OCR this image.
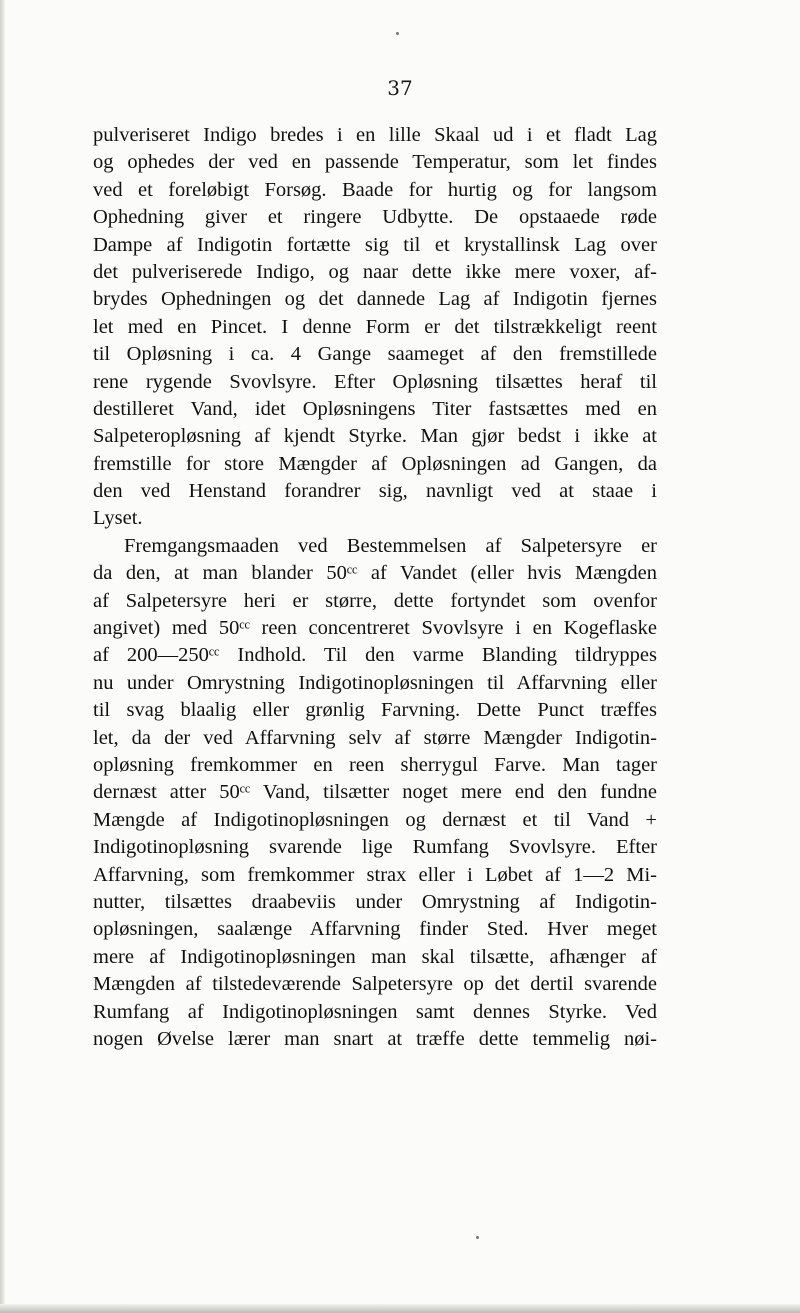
37
pulveriseret Indigo bredes i en lille Skaal ud i et fladt Lag
og ophedes der ved en passende Temperatur, som let findes
ved et foreløbigt Forsøg. Baade for hurtig og for langsom
Ophedning giver et ringere Udbytte. De opstaaede røde
Dampe af Indigotin fortætte sig til et krystallinsk Lag over
det pulveriserede Indigo, og naar dette ikke mere voxer, af-
brydes Ophedningen og det dannede Lag af Indigotin fjernes
let med en Pincet. I denne Form er det tilstrækkeligt reent
til Opløsning i ca. 4 Gange saameget af den fremstillede
rene rygende Svovlsyre. Efter Opløsning tilsættes heraf til
destilleret Vand, idet Opløsningens Titer fastsættes med en
Salpeteropløsning af kjendt Styrke. Man gjør bedst i ikke at
fremstille for store Mængder af Opløsningen ad Gangen, da
den ved Henstand forandrer sig, navnligt ved at staae i
Lyset.
Fremgangsmaaden ved Bestemmelsen af Salpetersyre er
da den, at man blander 50ᶜᶜ af Vandet (eller hvis Mængden
af Salpetersyre heri er større, dette fortyndet som ovenfor
angivet) med 50ᶜᶜ reen concentreret Svovlsyre i en Kogeflaske
af 200—250ᶜᶜ Indhold. Til den varme Blanding tildryppes
nu under Omrystning Indigotinopløsningen til Affarvning eller
til svag blaalig eller grønlig Farvning. Dette Punct træffes
let, da der ved Affarvning selv af større Mængder Indigotin-
opløsning fremkommer en reen sherrygul Farve. Man tager
dernæst atter 50ᶜᶜ Vand, tilsætter noget mere end den fundne
Mængde af Indigotinopløsningen og dernæst et til Vand +
Indigotinopløsning svarende lige Rumfang Svovlsyre. Efter
Affarvning, som fremkommer strax eller i Løbet af 1—2 Mi-
nutter, tilsættes draabeviis under Omrystning af Indigotin-
opløsningen, saalænge Affarvning finder Sted. Hver meget
mere af Indigotinopløsningen man skal tilsætte, afhænger af
Mængden af tilstedeværende Salpetersyre op det dertil svarende
Rumfang af Indigotinopløsningen samt dennes Styrke. Ved
nogen Øvelse lærer man snart at træffe dette temmelig nøi-
